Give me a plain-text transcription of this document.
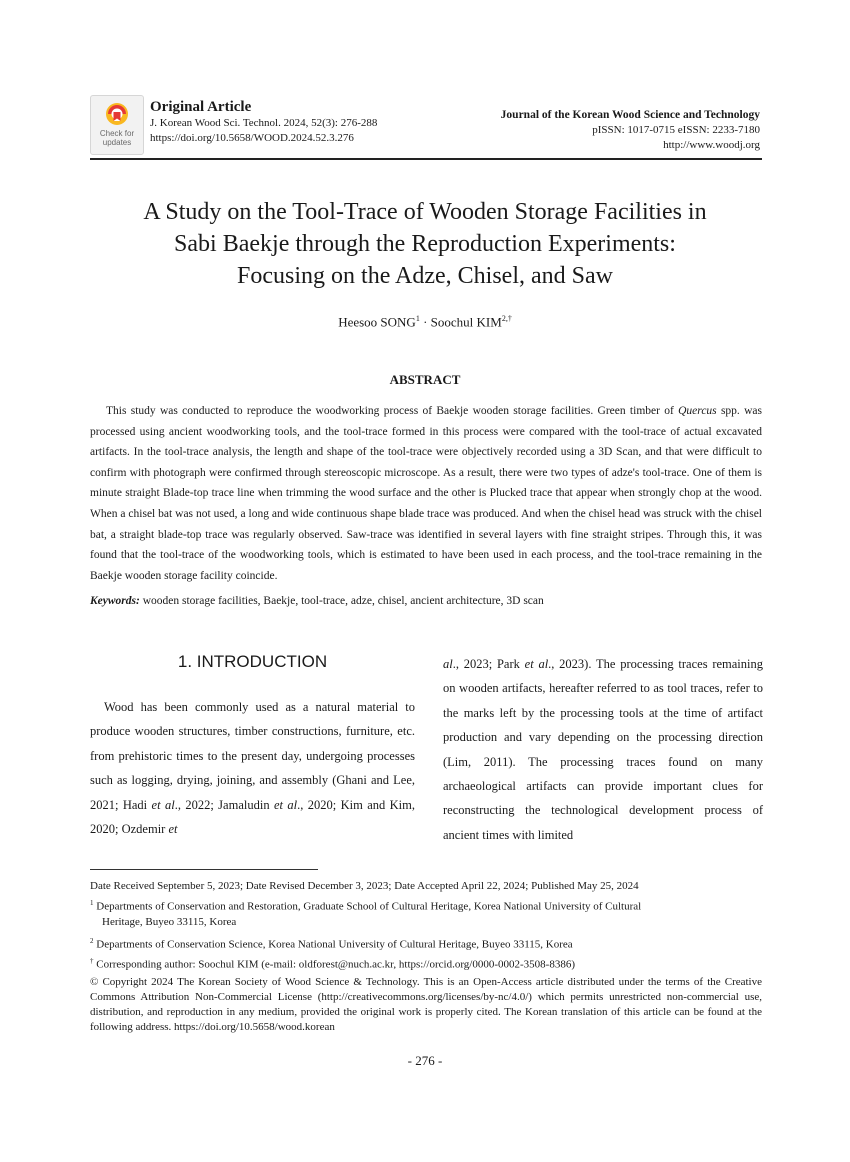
Check for
updates
Original Article
J. Korean Wood Sci. Technol. 2024, 52(3): 276-288
https://doi.org/10.5658/WOOD.2024.52.3.276
Journal of the Korean Wood Science and Technology
pISSN: 1017-0715 eISSN: 2233-7180
http://www.woodj.org
A Study on the Tool-Trace of Wooden Storage Facilities in
Sabi Baekje through the Reproduction Experiments:
Focusing on the Adze, Chisel, and Saw
Heesoo $SONG^1$ · Soochul $KIM^{2,\dagger}$
ABSTRACT

This study was conducted to reproduce the woodworking process of Baekje wooden storage facilities. Green timber of Quercus spp. was processed using ancient woodworking tools, and the tool-trace formed in this process were compared with the tool-trace of actual excavated artifacts. In the tool-trace analysis, the length and shape of the tool-trace were objectively recorded using a 3D Scan, and that were difficult to confirm with photograph were confirmed through stereoscopic microscope. As a result, there were two types of adze's tool-trace. One of them is minute straight Blade-top trace line when trimming the wood surface and the other is Plucked trace that appear when strongly chop at the wood. When a chisel bat was not used, a long and wide continuous shape blade trace was produced. And when the chisel head was struck with the chisel bat, a straight blade-top trace was regularly observed. Saw-trace was identified in several layers with fine straight stripes. Through this, it was found that the tool-trace of the woodworking tools, which is estimated to have been used in each process, and the tool-trace remaining in the Baekje wooden storage facility coincide.

Keywords: wooden storage facilities, Baekje, tool-trace, adze, chisel, ancient architecture, 3D scan
1. INTRODUCTION

Wood has been commonly used as a natural material to produce wooden structures, timber constructions, furniture, etc. from prehistoric times to the present day, undergoing processes such as logging, drying, joining, and assembly (Ghani and Lee, 2021; Hadi et al., 2022; Jamaludin et al., 2020; Kim and Kim, 2020; Ozdemir et

al., 2023; Park et al., 2023). The processing traces remaining on wooden artifacts, hereafter referred to as tool traces, refer to the marks left by the processing tools at the time of artifact production and vary depending on the processing direction (Lim, 2011). The processing traces found on many archaeological artifacts can provide important clues for reconstructing the technological development process of ancient times with limited

Date Received September 5, 2023; Date Revised December 3, 2023; Date Accepted April 22, 2024; Published May 25, 2024

$^1$ Departments of Conservation and Restoration, Graduate School of Cultural Heritage, Korea National University of Cultural
Heritage, Buyeo 33115, Korea

$^2$ Departments of Conservation Science, Korea National University of Cultural Heritage, Buyeo 33115, Korea

† Corresponding author: Soochul KIM (e-mail: oldforest@nuch.ac.kr, https://orcid.org/0000-0002-3508-8386)

© Copyright 2024 The Korean Society of Wood Science & Technology. This is an Open-Access article distributed under the terms of the Creative Commons Attribution Non-Commercial License (http://creativecommons.org/licenses/by-nc/4.0/) which permits unrestricted non-commercial use, distribution, and reproduction in any medium, provided the original work is properly cited. The Korean translation of this article can be found at the following address. https://doi.org/10.5658/wood.korean

- 276 -
